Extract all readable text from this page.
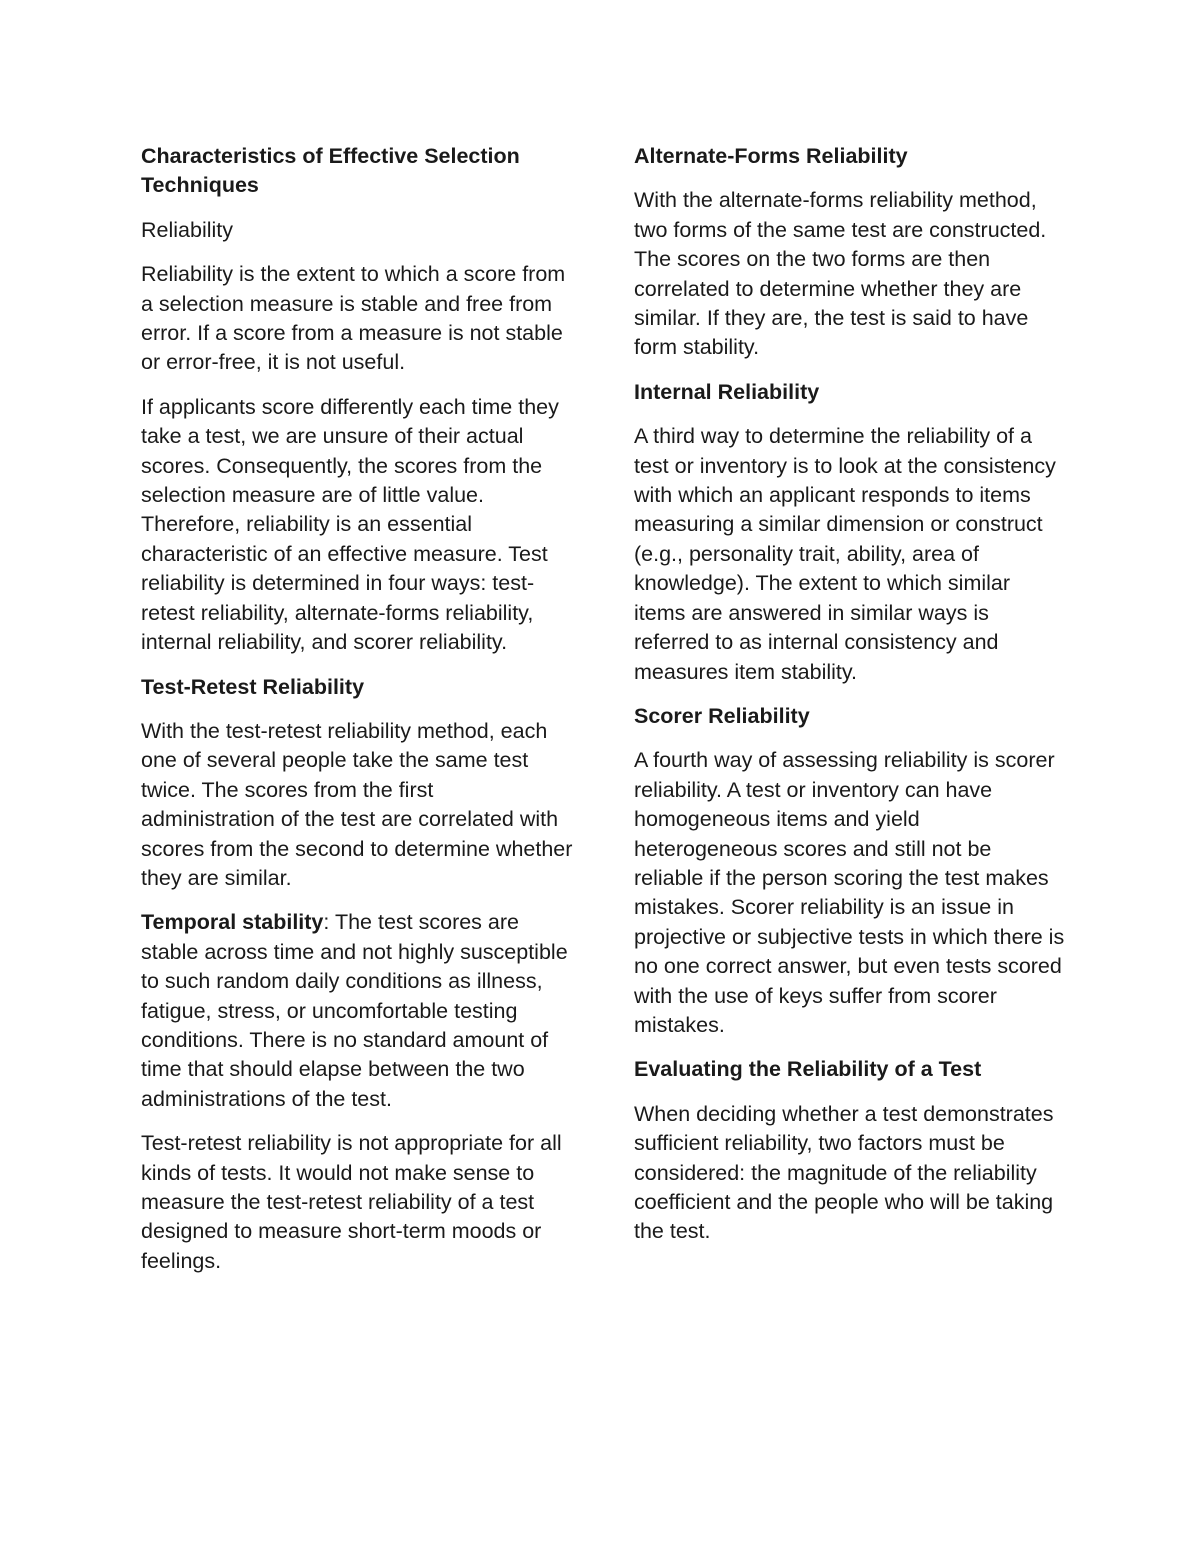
Characteristics of Effective Selection Techniques

Reliability

Reliability is the extent to which a score from a selection measure is stable and free from error. If a score from a measure is not stable or error-free, it is not useful.

If applicants score differently each time they take a test, we are unsure of their actual scores. Consequently, the scores from the selection measure are of little value. Therefore, reliability is an essential characteristic of an effective measure. Test reliability is determined in four ways: test-retest reliability, alternate-forms reliability, internal reliability, and scorer reliability.

Test-Retest Reliability

With the test-retest reliability method, each one of several people take the same test twice. The scores from the first administration of the test are correlated with scores from the second to determine whether they are similar.

Temporal stability: The test scores are stable across time and not highly susceptible to such random daily conditions as illness, fatigue, stress, or uncomfortable testing conditions. There is no standard amount of time that should elapse between the two administrations of the test.

Test-retest reliability is not appropriate for all kinds of tests. It would not make sense to measure the test-retest reliability of a test designed to measure short-term moods or feelings.

Alternate-Forms Reliability

With the alternate-forms reliability method, two forms of the same test are constructed. The scores on the two forms are then correlated to determine whether they are similar. If they are, the test is said to have form stability.

Internal Reliability

A third way to determine the reliability of a test or inventory is to look at the consistency with which an applicant responds to items measuring a similar dimension or construct (e.g., personality trait, ability, area of knowledge). The extent to which similar items are answered in similar ways is referred to as internal consistency and measures item stability.

Scorer Reliability

A fourth way of assessing reliability is scorer reliability. A test or inventory can have homogeneous items and yield heterogeneous scores and still not be reliable if the person scoring the test makes mistakes. Scorer reliability is an issue in projective or subjective tests in which there is no one correct answer, but even tests scored with the use of keys suffer from scorer mistakes.

Evaluating the Reliability of a Test

When deciding whether a test demonstrates sufficient reliability, two factors must be considered: the magnitude of the reliability coefficient and the people who will be taking the test.
